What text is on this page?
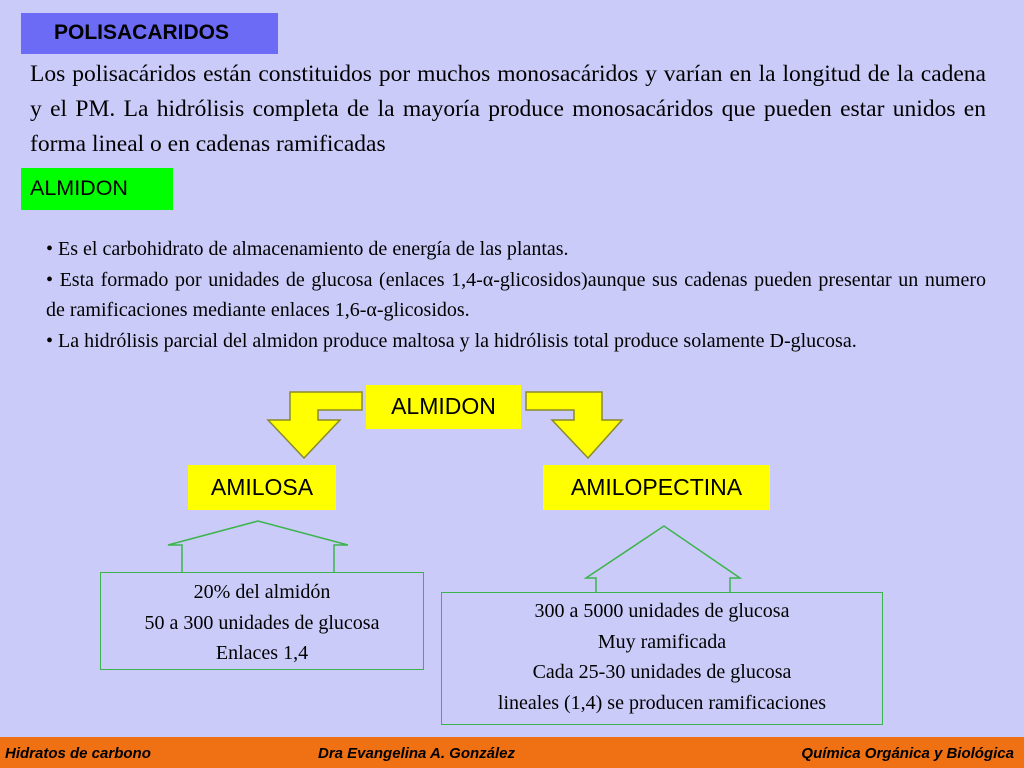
POLISACARIDOS
Los polisacáridos están constituidos por muchos monosacáridos y varían en la longitud de la cadena y el PM. La hidrólisis completa de la mayoría produce monosacáridos que pueden estar unidos en forma lineal o en cadenas ramificadas
ALMIDON

• Es el carbohidrato de almacenamiento de energía de las plantas.

• Esta formado por unidades de glucosa (enlaces 1,4-α-glicosidos)aunque sus cadenas pueden presentar un numero de ramificaciones mediante enlaces 1,6-α-glicosidos.

• La hidrólisis parcial del almidon produce maltosa y la hidrólisis total produce solamente D-glucosa.

ALMIDON
AMILOSA	AMILOPECTINA
20% del almidón
50 a 300 unidades de glucosa
Enlaces 1,4
300 a 5000 unidades de glucosa
Muy ramificada
Cada 25-30 unidades de glucosa
lineales (1,4) se producen ramificaciones
Hidratos de carbono	Dra Evangelina A. González	Química Orgánica y Biológica
